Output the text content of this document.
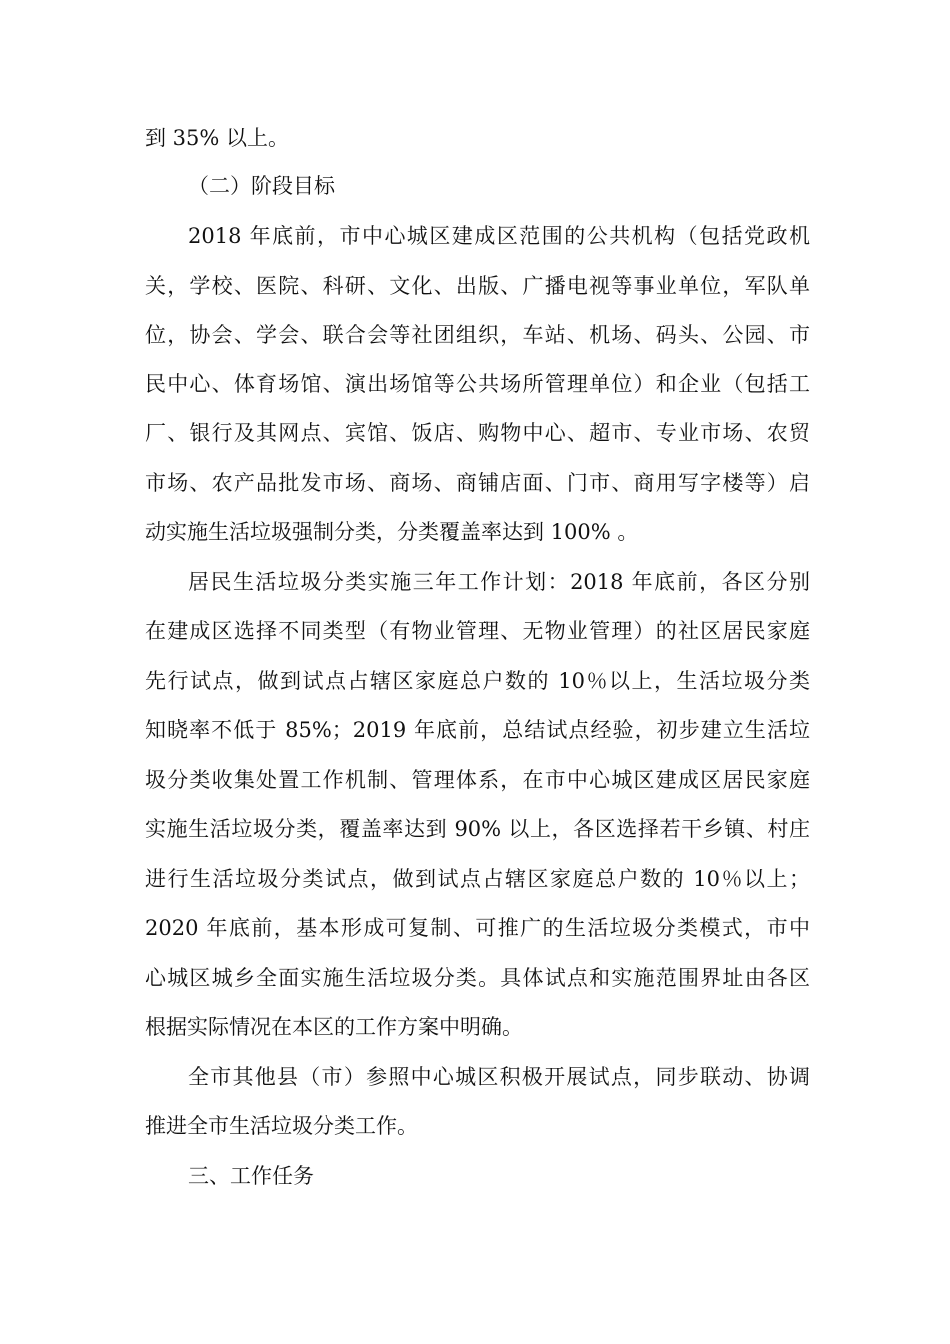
到 35% 以上。
（二）阶段目标
2018 年底前，市中心城区建成区范围的公共机构（包括党政机
关，学校、医院、科研、文化、出版、广播电视等事业单位，军队单
位，协会、学会、联合会等社团组织，车站、机场、码头、公园、市
民中心、体育场馆、演出场馆等公共场所管理单位）和企业（包括工
厂、银行及其网点、宾馆、饭店、购物中心、超市、专业市场、农贸
市场、农产品批发市场、商场、商铺店面、门市、商用写字楼等）启
动实施生活垃圾强制分类，分类覆盖率达到 100% 。
居民生活垃圾分类实施三年工作计划：2018 年底前，各区分别
在建成区选择不同类型（有物业管理、无物业管理）的社区居民家庭
先行试点，做到试点占辖区家庭总户数的 10％以上，生活垃圾分类
知晓率不低于 85%；2019 年底前，总结试点经验，初步建立生活垃
圾分类收集处置工作机制、管理体系，在市中心城区建成区居民家庭
实施生活垃圾分类，覆盖率达到 90% 以上，各区选择若干乡镇、村庄
进行生活垃圾分类试点，做到试点占辖区家庭总户数的 10％以上；
2020 年底前，基本形成可复制、可推广的生活垃圾分类模式，市中
心城区城乡全面实施生活垃圾分类。具体试点和实施范围界址由各区
根据实际情况在本区的工作方案中明确。
全市其他县（市）参照中心城区积极开展试点，同步联动、协调
推进全市生活垃圾分类工作。
三、工作任务
